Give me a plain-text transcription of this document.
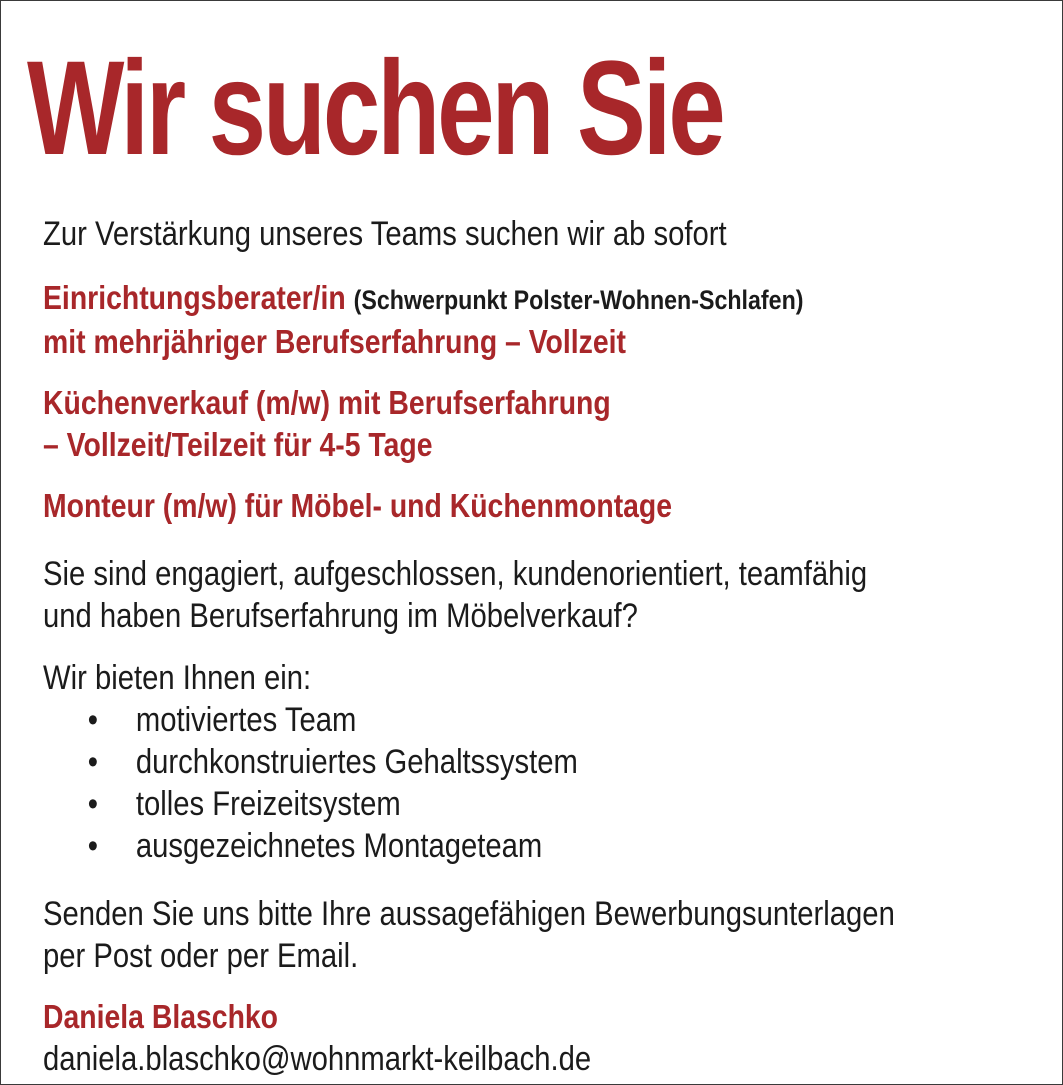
Wir suchen Sie

Zur Verstärkung unseres Teams suchen wir ab sofort

Einrichtungsberater/in (Schwerpunkt Polster-Wohnen-Schlafen)
mit mehrjähriger Berufserfahrung – Vollzeit
Küchenverkauf (m/w) mit Berufserfahrung
– Vollzeit/Teilzeit für 4-5 Tage
Monteur (m/w) für Möbel- und Küchenmontage
Sie sind engagiert, aufgeschlossen, kundenorientiert, teamfähig
und haben Berufserfahrung im Möbelverkauf?

Wir bieten Ihnen ein:

• motiviertes Team
• durchkonstruiertes Gehaltssystem
• tolles Freizeitsystem
• ausgezeichnetes Montageteam
Senden Sie uns bitte Ihre aussagefähigen Bewerbungsunterlagen
per Post oder per Email.

Daniela Blaschko

daniela.blaschko@wohnmarkt-keilbach.de
